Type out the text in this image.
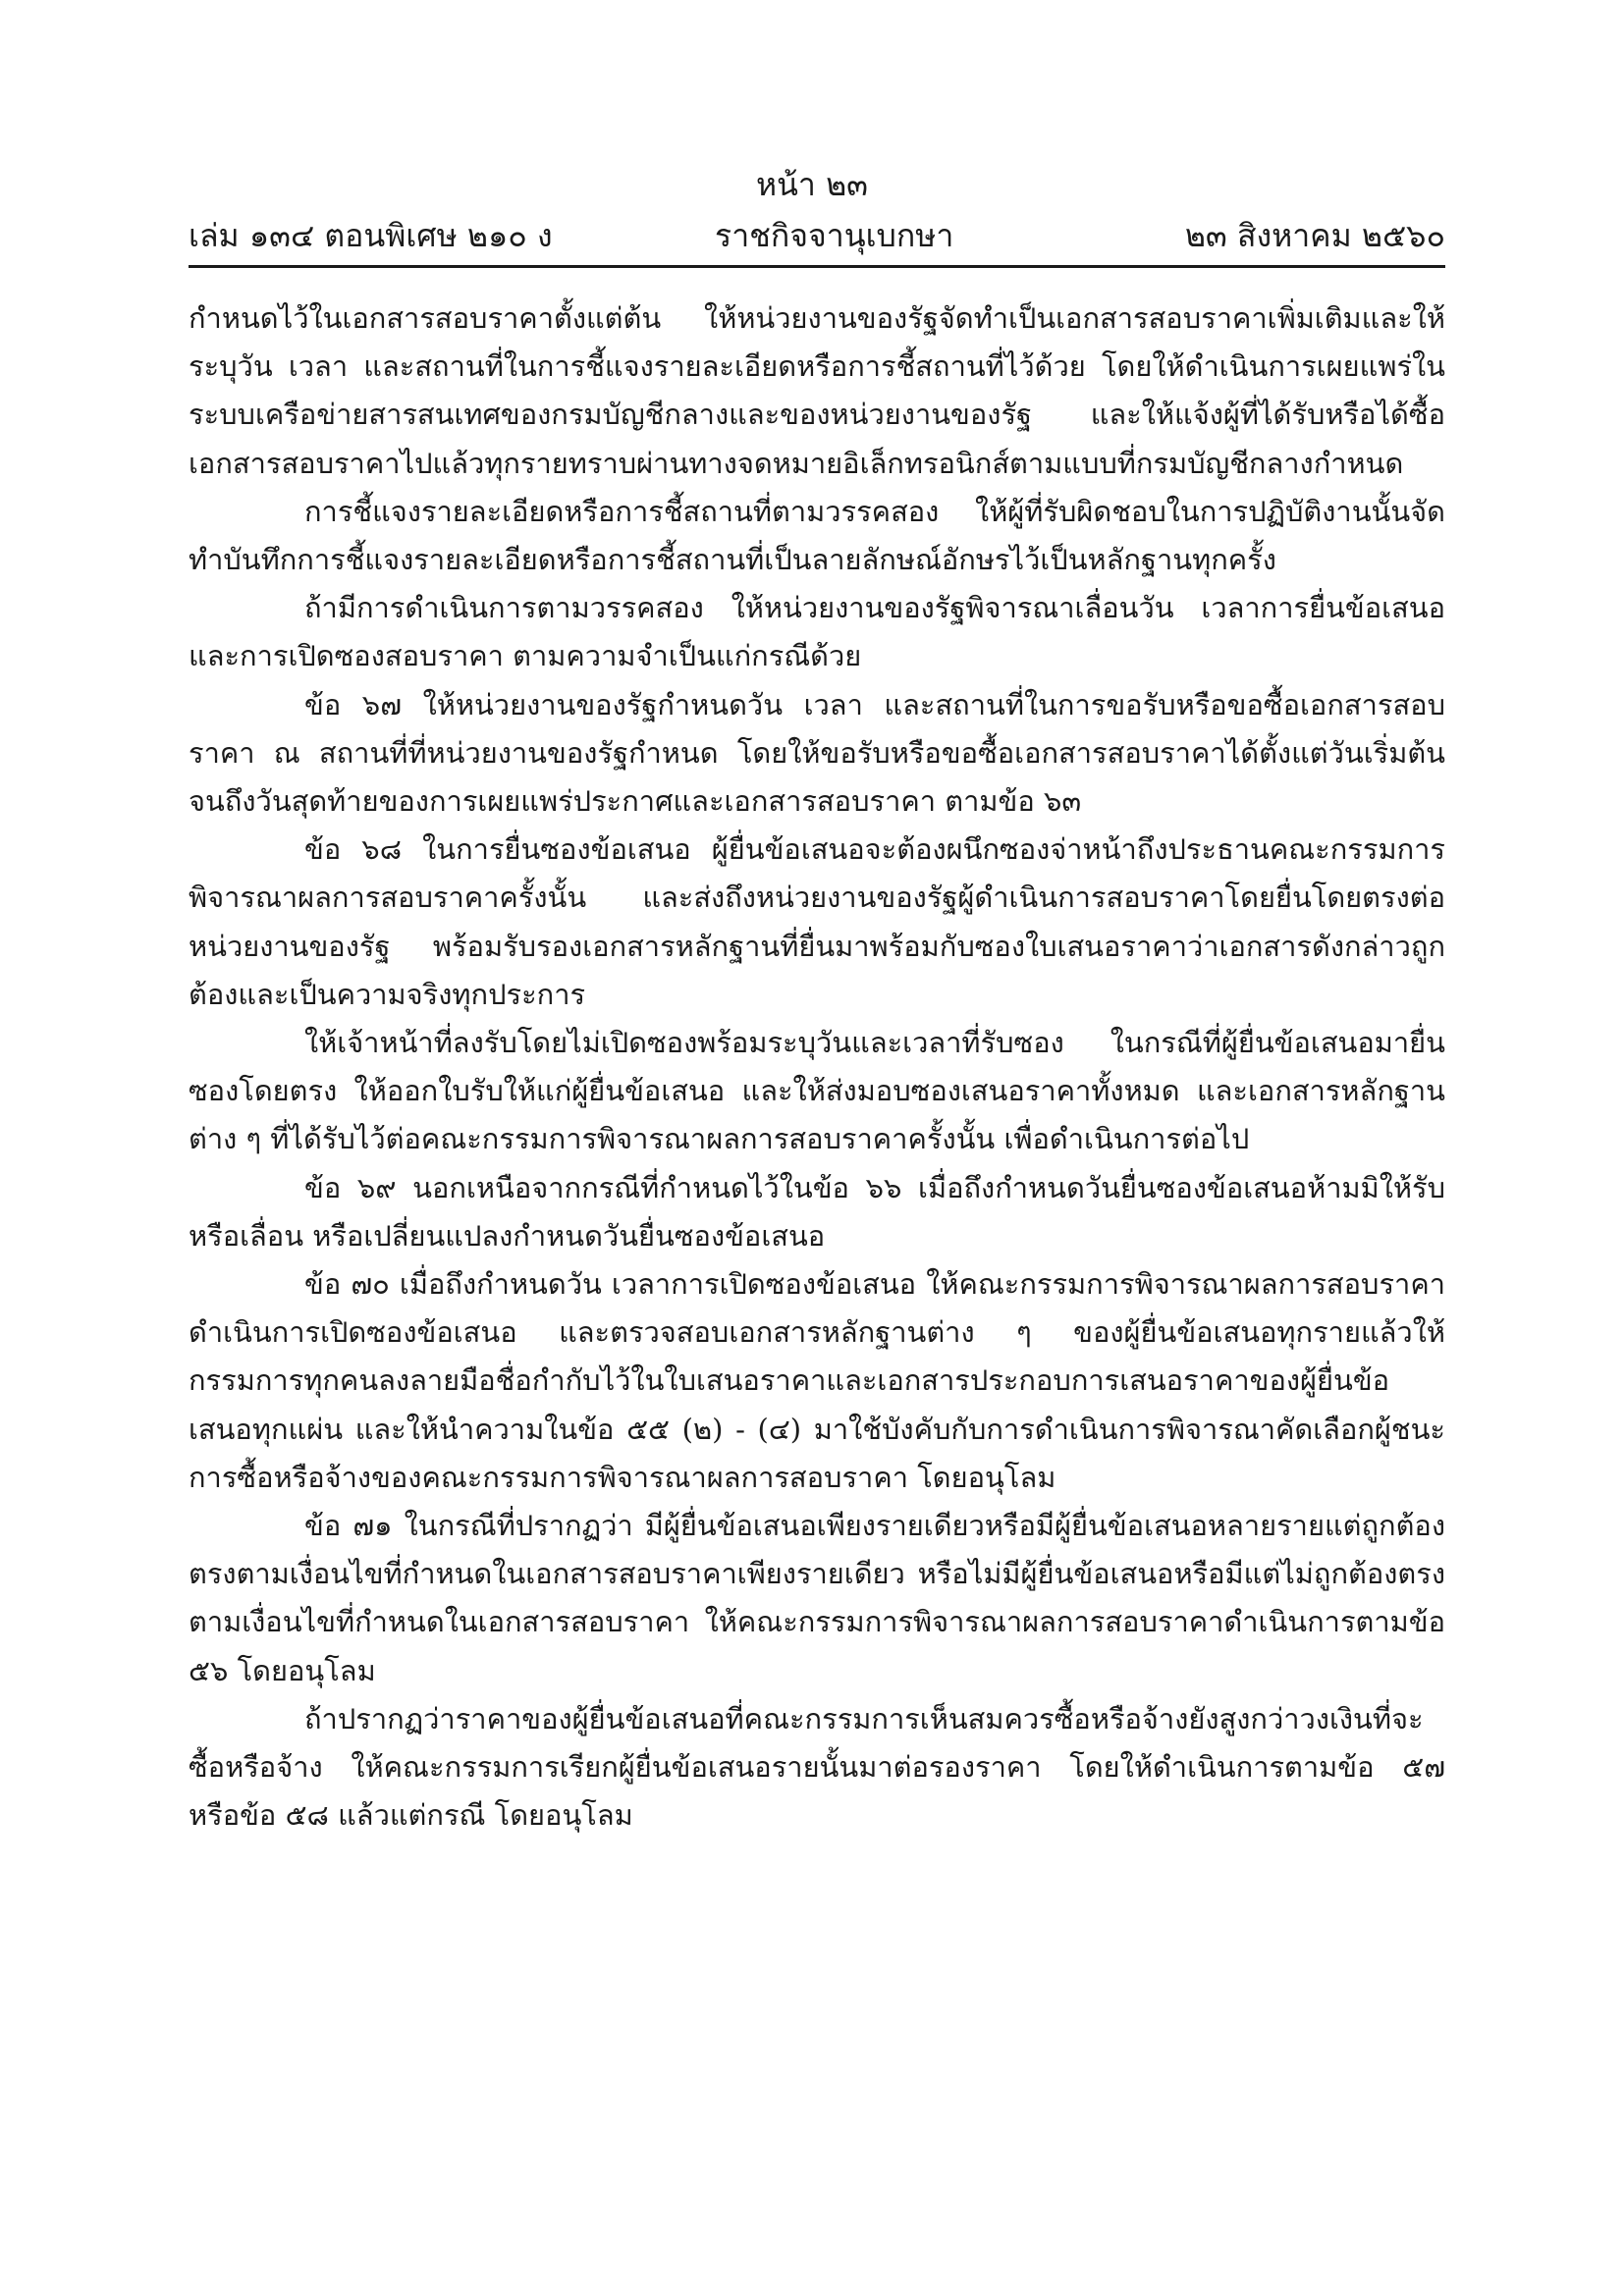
หน้า ๒๓
เล่ม ๑๓๔ ตอนพิเศษ ๒๑๐ ง	ราชกิจจานุเบกษา	๒๓ สิงหาคม ๒๕๖๐

กำหนดไว้ในเอกสารสอบราคาตั้งแต่ต้น ให้หน่วยงานของรัฐจัดทำเป็นเอกสารสอบราคาเพิ่มเติมและให้ระบุวัน เวลา และสถานที่ในการชี้แจงรายละเอียดหรือการชี้สถานที่ไว้ด้วย โดยให้ดำเนินการเผยแพร่ในระบบเครือข่ายสารสนเทศของกรมบัญชีกลางและของหน่วยงานของรัฐ และให้แจ้งผู้ที่ได้รับหรือได้ซื้อเอกสารสอบราคาไปแล้วทุกรายทราบผ่านทางจดหมายอิเล็กทรอนิกส์ตามแบบที่กรมบัญชีกลางกำหนด

การชี้แจงรายละเอียดหรือการชี้สถานที่ตามวรรคสอง ให้ผู้ที่รับผิดชอบในการปฏิบัติงานนั้นจัดทำบันทึกการชี้แจงรายละเอียดหรือการชี้สถานที่เป็นลายลักษณ์อักษรไว้เป็นหลักฐานทุกครั้ง

ถ้ามีการดำเนินการตามวรรคสอง ให้หน่วยงานของรัฐพิจารณาเลื่อนวัน เวลาการยื่นข้อเสนอและการเปิดซองสอบราคา ตามความจำเป็นแก่กรณีด้วย

ข้อ ๖๗ ให้หน่วยงานของรัฐกำหนดวัน เวลา และสถานที่ในการขอรับหรือขอซื้อเอกสารสอบราคา ณ สถานที่ที่หน่วยงานของรัฐกำหนด โดยให้ขอรับหรือขอซื้อเอกสารสอบราคาได้ตั้งแต่วันเริ่มต้นจนถึงวันสุดท้ายของการเผยแพร่ประกาศและเอกสารสอบราคา ตามข้อ ๖๓

ข้อ ๖๘ ในการยื่นซองข้อเสนอ ผู้ยื่นข้อเสนอจะต้องผนึกซองจ่าหน้าถึงประธานคณะกรรมการพิจารณาผลการสอบราคาครั้งนั้น และส่งถึงหน่วยงานของรัฐผู้ดำเนินการสอบราคาโดยยื่นโดยตรงต่อหน่วยงานของรัฐ พร้อมรับรองเอกสารหลักฐานที่ยื่นมาพร้อมกับซองใบเสนอราคาว่าเอกสารดังกล่าวถูกต้องและเป็นความจริงทุกประการ

ให้เจ้าหน้าที่ลงรับโดยไม่เปิดซองพร้อมระบุวันและเวลาที่รับซอง ในกรณีที่ผู้ยื่นข้อเสนอมายื่นซองโดยตรง ให้ออกใบรับให้แก่ผู้ยื่นข้อเสนอ และให้ส่งมอบซองเสนอราคาทั้งหมด และเอกสารหลักฐานต่าง ๆ ที่ได้รับไว้ต่อคณะกรรมการพิจารณาผลการสอบราคาครั้งนั้น เพื่อดำเนินการต่อไป

ข้อ ๖๙ นอกเหนือจากกรณีที่กำหนดไว้ในข้อ ๖๖ เมื่อถึงกำหนดวันยื่นซองข้อเสนอห้ามมิให้รับหรือเลื่อน หรือเปลี่ยนแปลงกำหนดวันยื่นซองข้อเสนอ

ข้อ ๗๐ เมื่อถึงกำหนดวัน เวลาการเปิดซองข้อเสนอ ให้คณะกรรมการพิจารณาผลการสอบราคาดำเนินการเปิดซองข้อเสนอ และตรวจสอบเอกสารหลักฐานต่าง ๆ ของผู้ยื่นข้อเสนอทุกรายแล้วให้กรรมการทุกคนลงลายมือชื่อกำกับไว้ในใบเสนอราคาและเอกสารประกอบการเสนอราคาของผู้ยื่นข้อเสนอทุกแผ่น และให้นำความในข้อ ๕๕ (๒) - (๔) มาใช้บังคับกับการดำเนินการพิจารณาคัดเลือกผู้ชนะการซื้อหรือจ้างของคณะกรรมการพิจารณาผลการสอบราคา โดยอนุโลม

ข้อ ๗๑ ในกรณีที่ปรากฏว่า มีผู้ยื่นข้อเสนอเพียงรายเดียวหรือมีผู้ยื่นข้อเสนอหลายรายแต่ถูกต้องตรงตามเงื่อนไขที่กำหนดในเอกสารสอบราคาเพียงรายเดียว หรือไม่มีผู้ยื่นข้อเสนอหรือมีแต่ไม่ถูกต้องตรงตามเงื่อนไขที่กำหนดในเอกสารสอบราคา ให้คณะกรรมการพิจารณาผลการสอบราคาดำเนินการตามข้อ ๕๖ โดยอนุโลม

ถ้าปรากฏว่าราคาของผู้ยื่นข้อเสนอที่คณะกรรมการเห็นสมควรซื้อหรือจ้างยังสูงกว่าวงเงินที่จะซื้อหรือจ้าง ให้คณะกรรมการเรียกผู้ยื่นข้อเสนอรายนั้นมาต่อรองราคา โดยให้ดำเนินการตามข้อ ๕๗ หรือข้อ ๕๘ แล้วแต่กรณี โดยอนุโลม
